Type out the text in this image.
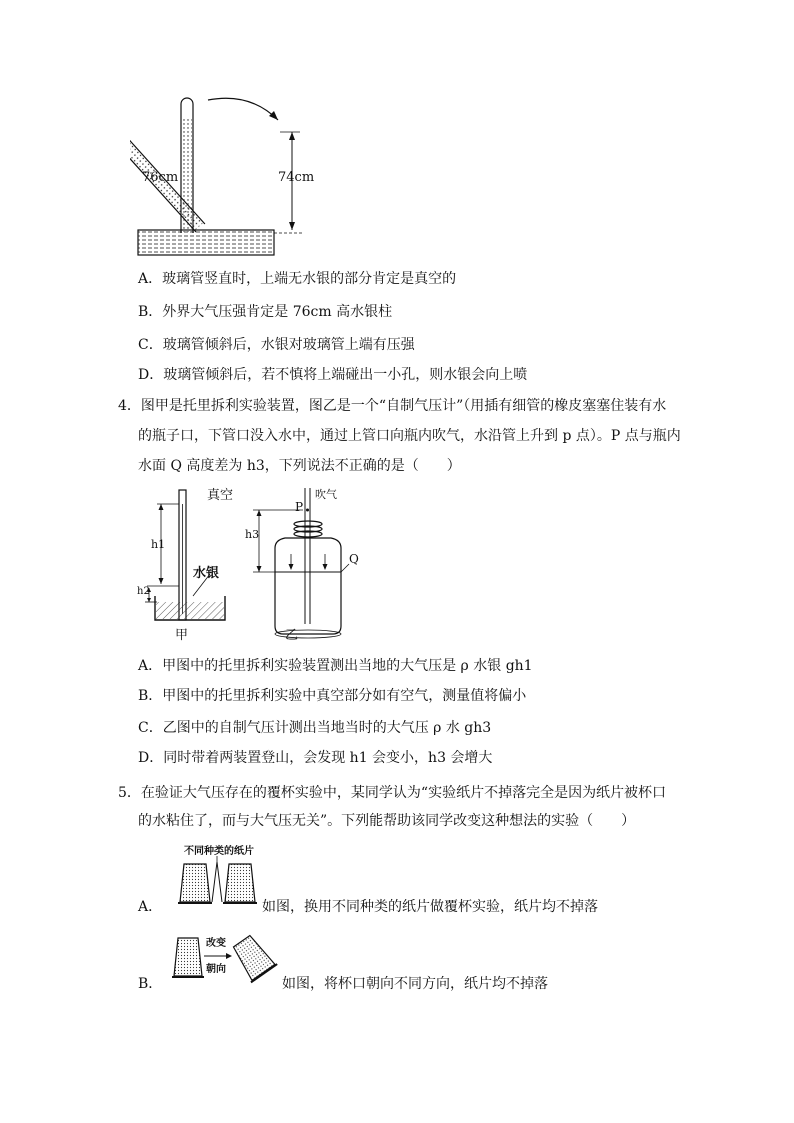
76cm	74cm
A．玻璃管竖直时，上端无水银的部分肯定是真空的
B．外界大气压强肯定是 76cm 高水银柱
C．玻璃管倾斜后，水银对玻璃管上端有压强
D．玻璃管倾斜后，若不慎将上端碰出一小孔，则水银会向上喷
4．图甲是托里拆利实验装置，图乙是一个“自制气压计”（用插有细管的橡皮塞塞住装有水
的瓶子口，下管口没入水中，通过上管口向瓶内吹气，水沿管上升到 p 点）。P 点与瓶内
水面 Q 高度差为 h3，下列说法不正确的是（　　）
真空
水银
h1
h2
甲
吹气
P
h3
Q
乙
A．甲图中的托里拆利实验装置测出当地的大气压是 ρ 水银 gh1
B．甲图中的托里拆利实验中真空部分如有空气，测量值将偏小
C．乙图中的自制气压计测出当地当时的大气压 ρ 水 gh3
D．同时带着两装置登山，会发现 h1 会变小，h3 会增大
5．在验证大气压存在的覆杯实验中，某同学认为“实验纸片不掉落完全是因为纸片被杯口
的水粘住了，而与大气压无关”。下列能帮助该同学改变这种想法的实验（　　）
A．
不同种类的纸片
如图，换用不同种类的纸片做覆杯实验，纸片均不掉落
B．
改变
朝向
如图，将杯口朝向不同方向，纸片均不掉落
